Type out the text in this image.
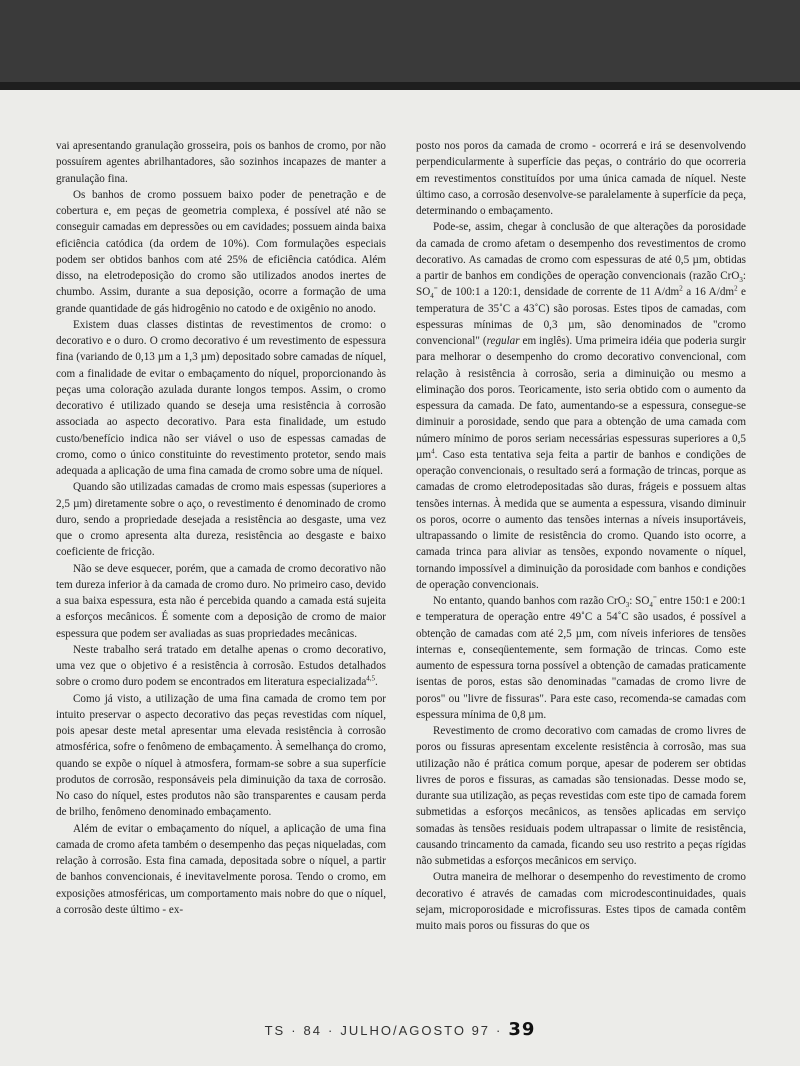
vai apresentando granulação grosseira, pois os banhos de cromo, por não possuírem agentes abrilhantadores, são sozinhos incapazes de manter a granulação fina.

Os banhos de cromo possuem baixo poder de penetração e de cobertura e, em peças de geometria complexa, é possível até não se conseguir camadas em depressões ou em cavidades; possuem ainda baixa eficiência catódica (da ordem de 10%). Com formulações especiais podem ser obtidos banhos com até 25% de eficiência catódica. Além disso, na eletrodeposição do cromo são utilizados anodos inertes de chumbo. Assim, durante a sua deposição, ocorre a formação de uma grande quantidade de gás hidrogênio no catodo e de oxigênio no anodo.

Existem duas classes distintas de revestimentos de cromo: o decorativo e o duro. O cromo decorativo é um revestimento de espessura fina (variando de 0,13 µm a 1,3 µm) depositado sobre camadas de níquel, com a finalidade de evitar o embaçamento do níquel, proporcionando às peças uma coloração azulada durante longos tempos. Assim, o cromo decorativo é utilizado quando se deseja uma resistência à corrosão associada ao aspecto decorativo. Para esta finalidade, um estudo custo/benefício indica não ser viável o uso de espessas camadas de cromo, como o único constituinte do revestimento protetor, sendo mais adequada a aplicação de uma fina camada de cromo sobre uma de níquel.

Quando são utilizadas camadas de cromo mais espessas (superiores a 2,5 µm) diretamente sobre o aço, o revestimento é denominado de cromo duro, sendo a propriedade desejada a resistência ao desgaste, uma vez que o cromo apresenta alta dureza, resistência ao desgaste e baixo coeficiente de fricção.

Não se deve esquecer, porém, que a camada de cromo decorativo não tem dureza inferior à da camada de cromo duro. No primeiro caso, devido a sua baixa espessura, esta não é percebida quando a camada está sujeita a esforços mecânicos. É somente com a deposição de cromo de maior espessura que podem ser avaliadas as suas propriedades mecânicas.

Neste trabalho será tratado em detalhe apenas o cromo decorativo, uma vez que o objetivo é a resistência à corrosão. Estudos detalhados sobre o cromo duro podem se encontrados em literatura especializada$^{4,5}$.

Como já visto, a utilização de uma fina camada de cromo tem por intuito preservar o aspecto decorativo das peças revestidas com níquel, pois apesar deste metal apresentar uma elevada resistência à corrosão atmosférica, sofre o fenômeno de embaçamento. À semelhança do cromo, quando se expõe o níquel à atmosfera, formam-se sobre a sua superfície produtos de corrosão, responsáveis pela diminuição da taxa de corrosão. No caso do níquel, estes produtos não são transparentes e causam perda de brilho, fenômeno denominado embaçamento.

Além de evitar o embaçamento do níquel, a aplicação de uma fina camada de cromo afeta também o desempenho das peças niqueladas, com relação à corrosão. Esta fina camada, depositada sobre o níquel, a partir de banhos convencionais, é inevitavelmente porosa. Tendo o cromo, em exposições atmosféricas, um comportamento mais nobre do que o níquel, a corrosão deste último - ex-

posto nos poros da camada de cromo - ocorrerá e irá se desenvolvendo perpendicularmente à superfície das peças, o contrário do que ocorreria em revestimentos constituídos por uma única camada de níquel. Neste último caso, a corrosão desenvolve-se paralelamente à superfície da peça, determinando o embaçamento.

Pode-se, assim, chegar à conclusão de que alterações da porosidade da camada de cromo afetam o desempenho dos revestimentos de cromo decorativo. As camadas de cromo com espessuras de até 0,5 µm, obtidas a partir de banhos em condições de operação convencionais (razão CrO$_3$: $SO_4^=$ de 100:1 a 120:1, densidade de corrente de 11 $A/dm^2$ a 16 $A/dm^2$ e temperatura de 35˚C a 43˚C) são porosas. Estes tipos de camadas, com espessuras mínimas de 0,3 µm, são denominados de "cromo convencional" (regular em inglês). Uma primeira idéia que poderia surgir para melhorar o desempenho do cromo decorativo convencional, com relação à resistência à corrosão, seria a diminuição ou mesmo a eliminação dos poros. Teoricamente, isto seria obtido com o aumento da espessura da camada. De fato, aumentando-se a espessura, consegue-se diminuir a porosidade, sendo que para a obtenção de uma camada com número mínimo de poros seriam necessárias espessuras superiores a 0,5 µm$^4$. Caso esta tentativa seja feita a partir de banhos e condições de operação convencionais, o resultado será a formação de trincas, porque as camadas de cromo eletrodepositadas são duras, frágeis e possuem altas tensões internas. À medida que se aumenta a espessura, visando diminuir os poros, ocorre o aumento das tensões internas a níveis insuportáveis, ultrapassando o limite de resistência do cromo. Quando isto ocorre, a camada trinca para aliviar as tensões, expondo novamente o níquel, tornando impossível a diminuição da porosidade com banhos e condições de operação convencionais.

No entanto, quando banhos com razão CrO$_3$: $SO_4^=$ entre 150:1 e 200:1 e temperatura de operação entre 49˚C a 54˚C são usados, é possível a obtenção de camadas com até 2,5 µm, com níveis inferiores de tensões internas e, conseqüentemente, sem formação de trincas. Como este aumento de espessura torna possível a obtenção de camadas praticamente isentas de poros, estas são denominadas "camadas de cromo livre de poros" ou "livre de fissuras". Para este caso, recomenda-se camadas com espessura mínima de 0,8 µm.

Revestimento de cromo decorativo com camadas de cromo livres de poros ou fissuras apresentam excelente resistência à corrosão, mas sua utilização não é prática comum porque, apesar de poderem ser obtidas livres de poros e fissuras, as camadas são tensionadas. Desse modo se, durante sua utilização, as peças revestidas com este tipo de camada forem submetidas a esforços mecânicos, as tensões aplicadas em serviço somadas às tensões residuais podem ultrapassar o limite de resistência, causando trincamento da camada, ficando seu uso restrito a peças rígidas não submetidas a esforços mecânicos em serviço.

Outra maneira de melhorar o desempenho do revestimento de cromo decorativo é através de camadas com microdescontinuidades, quais sejam, microporosidade e microfissuras. Estes tipos de camada contêm muito mais poros ou fissuras do que os

TS · 84 · JULHO/AGOSTO 97 · 39
